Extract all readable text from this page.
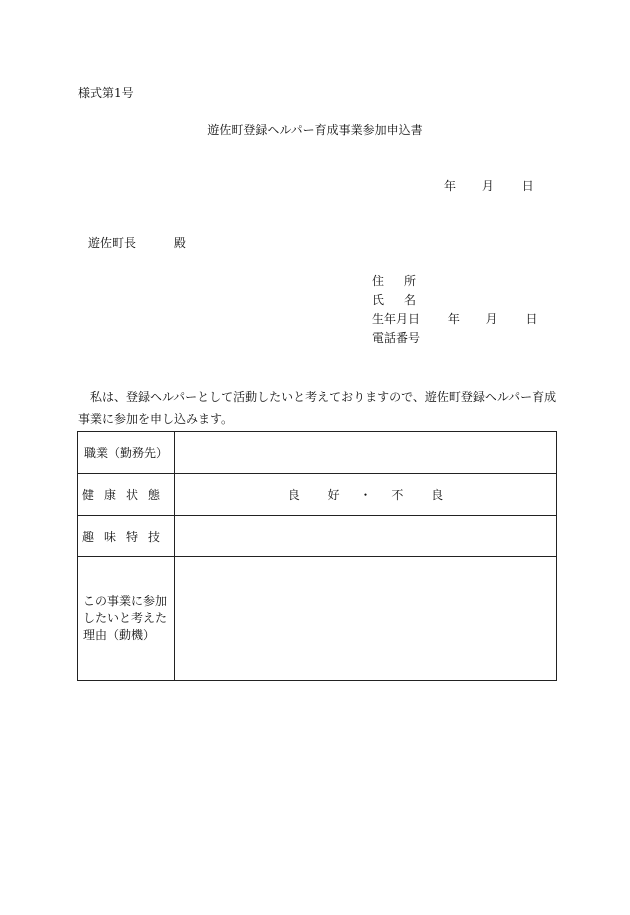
様式第1号
遊佐町登録ヘルパー育成事業参加申込書
年 月 日
遊佐町長	殿
住所
氏名
生年月日 年 月 日
電話番号

私は、登録ヘルパーとして活動したいと考えておりますので、遊佐町登録ヘルパー育成

事業に参加を申し込みます。

職業（勤務先）	

健康状態	良 好 ・ 不 良

趣味特技	

この事業に参加
したいと考えた
理由（動機）	
